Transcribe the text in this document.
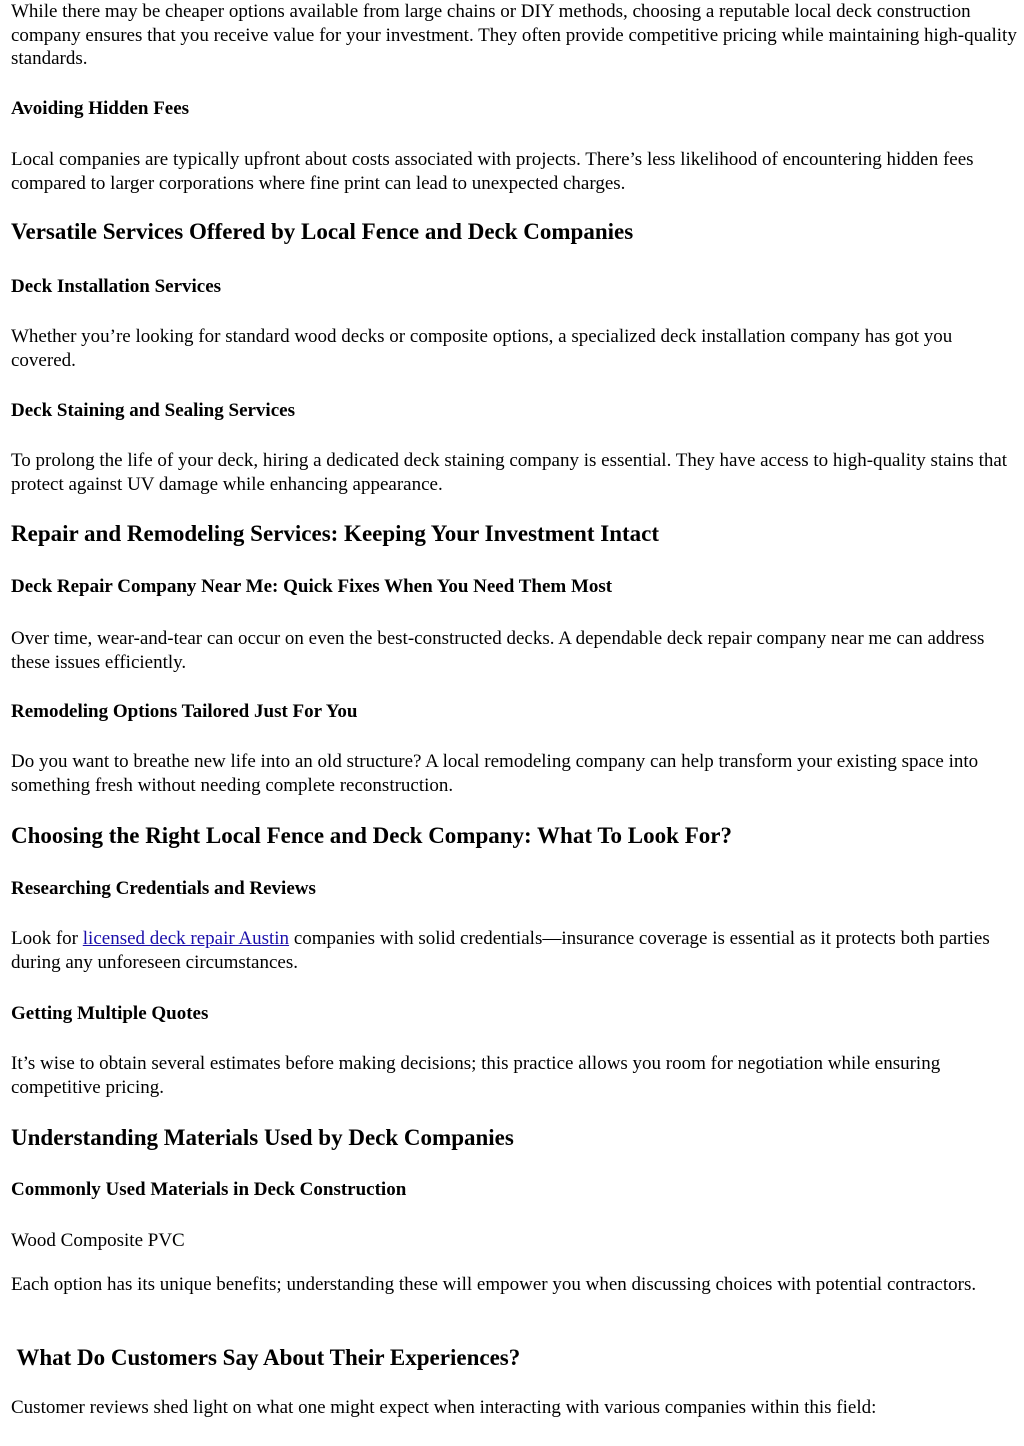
While there may be cheaper options available from large chains or DIY methods, choosing a reputable local deck construction company ensures that you receive value for your investment. They often provide competitive pricing while maintaining high-quality standards.

Avoiding Hidden Fees

Local companies are typically upfront about costs associated with projects. There’s less likelihood of encountering hidden fees compared to larger corporations where fine print can lead to unexpected charges.

Versatile Services Offered by Local Fence and Deck Companies
Deck Installation Services

Whether you’re looking for standard wood decks or composite options, a specialized deck installation company has got you covered.

Deck Staining and Sealing Services

To prolong the life of your deck, hiring a dedicated deck staining company is essential. They have access to high-quality stains that protect against UV damage while enhancing appearance.

Repair and Remodeling Services: Keeping Your Investment Intact
Deck Repair Company Near Me: Quick Fixes When You Need Them Most

Over time, wear-and-tear can occur on even the best-constructed decks. A dependable deck repair company near me can address these issues efficiently.

Remodeling Options Tailored Just For You

Do you want to breathe new life into an old structure? A local remodeling company can help transform your existing space into something fresh without needing complete reconstruction.

Choosing the Right Local Fence and Deck Company: What To Look For?
Researching Credentials and Reviews

Look for licensed deck repair Austin companies with solid credentials—insurance coverage is essential as it protects both parties during any unforeseen circumstances.

Getting Multiple Quotes

It’s wise to obtain several estimates before making decisions; this practice allows you room for negotiation while ensuring competitive pricing.

Understanding Materials Used by Deck Companies
Commonly Used Materials in Deck Construction

Wood Composite PVC

Each option has its unique benefits; understanding these will empower you when discussing choices with potential contractors.

What Do Customers Say About Their Experiences?

Customer reviews shed light on what one might expect when interacting with various companies within this field:
